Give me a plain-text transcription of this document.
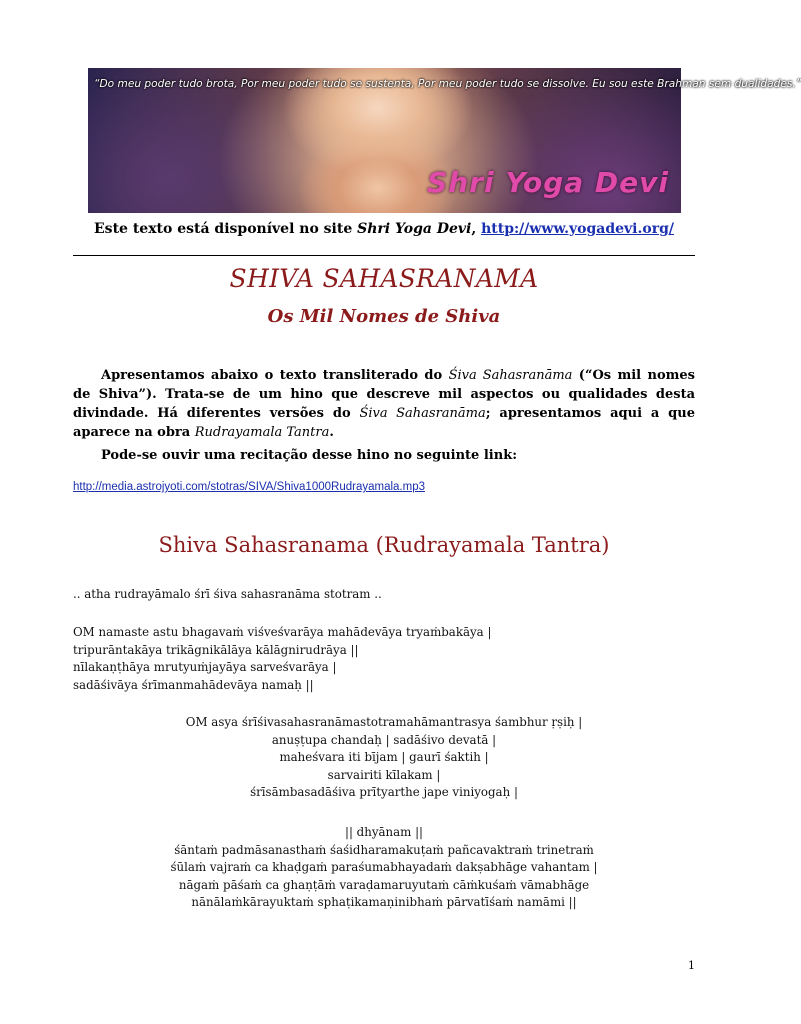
“Do meu poder tudo brota, Por meu poder tudo se sustenta, Por meu poder tudo se dissolve. Eu sou este Brahman sem dualidades.”
Shri Yoga Devi
Este texto está disponível no site Shri Yoga Devi, http://www.yogadevi.org/
SHIVA SAHASRANAMA
Os Mil Nomes de Shiva

Apresentamos abaixo o texto transliterado do Śiva Sahasranāma (“Os mil nomes de Shiva”). Trata-se de um hino que descreve mil aspectos ou qualidades desta divindade. Há diferentes versões do Śiva Sahasranāma; apresentamos aqui a que aparece na obra Rudrayamala Tantra.

Pode-se ouvir uma recitação desse hino no seguinte link:
http://media.astrojyoti.com/stotras/SIVA/Shiva1000Rudrayamala.mp3
Shiva Sahasranama (Rudrayamala Tantra)
.. atha rudrayāmalo śrī śiva sahasranāma stotram ..
OM namaste astu bhagavaṁ viśveśvarāya mahādevāya tryaṁbakāya |
tripurāntakāya trikāgnikālāya kālāgnirudrāya ||
nīlakaṇṭhāya mrutyuṁjayāya sarveśvarāya |
sadāśivāya śrīmanmahādevāya namaḥ ||
OM asya śrīśivasahasranāmastotramahāmantrasya śambhur ṛṣiḥ |
anuṣṭupa chandaḥ | sadāśivo devatā |
maheśvara iti bījam | gaurī śaktih |
sarvairiti kīlakam |
śrīsāmbasadāśiva prītyarthe jape viniyogaḥ |
|| dhyānam ||
śāntaṁ padmāsanasthaṁ śaśidharamakuṭaṁ pañcavaktraṁ trinetraṁ
śūlaṁ vajraṁ ca khaḍgaṁ paraśumabhayadaṁ dakṣabhāge vahantam |
nāgaṁ pāśaṁ ca ghaṇṭāṁ varaḍamaruyutaṁ cāṁkuśaṁ vāmabhāge
nānālaṁkārayuktaṁ sphaṭikamaṇinibhaṁ pārvatīśaṁ namāmi ||
1
